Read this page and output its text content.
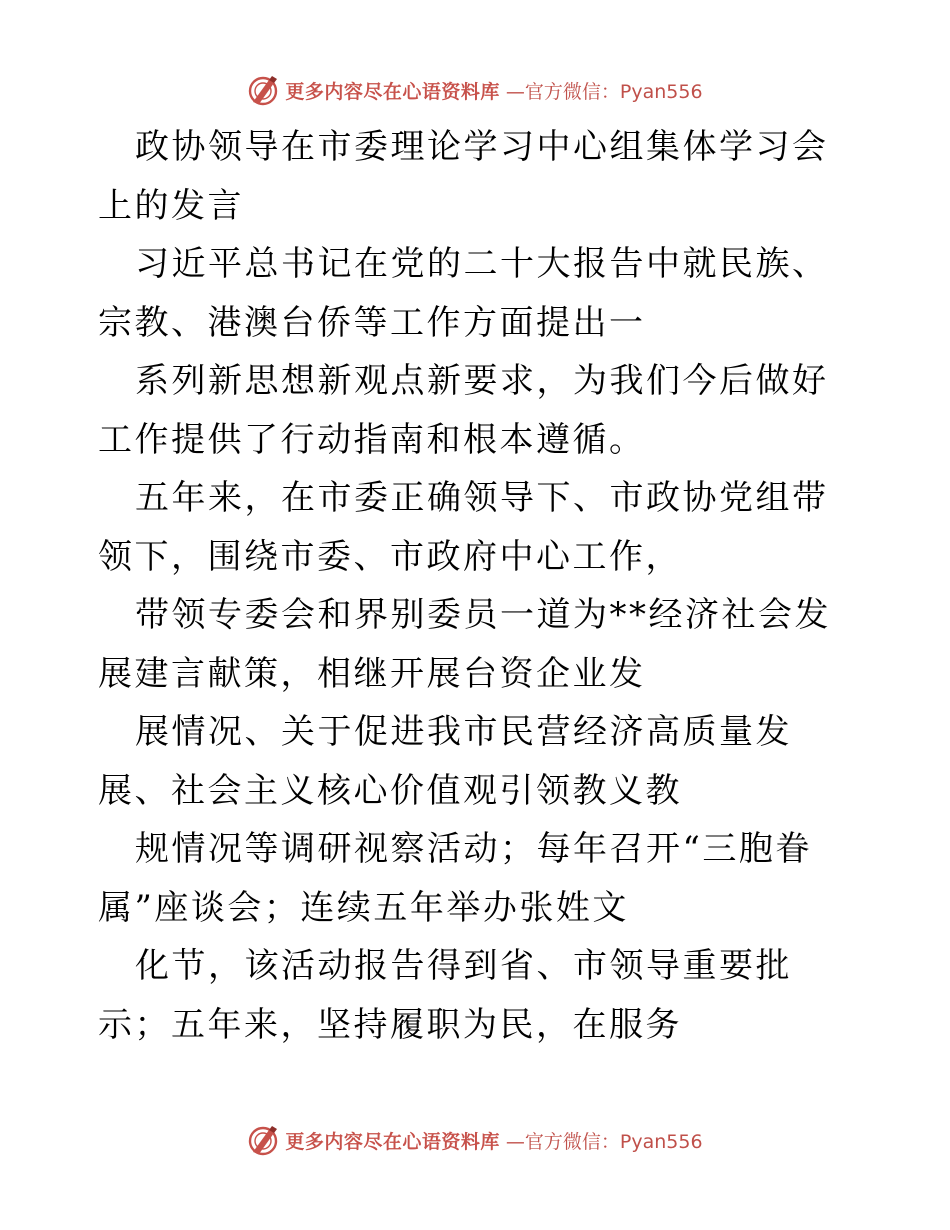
更多内容尽在心语资料库 —官方微信：Pyan556

政协领导在市委理论学习中心组集体学习会上的发言

习近平总书记在党的二十大报告中就民族、宗教、港澳台侨等工作方面提出一

系列新思想新观点新要求，为我们今后做好工作提供了行动指南和根本遵循。

五年来，在市委正确领导下、市政协党组带领下，围绕市委、市政府中心工作，

带领专委会和界别委员一道为**经济社会发展建言献策，相继开展台资企业发

展情况、关于促进我市民营经济高质量发展、社会主义核心价值观引领教义教

规情况等调研视察活动；每年召开“三胞眷属”座谈会；连续五年举办张姓文

化节，该活动报告得到省、市领导重要批示；五年来，坚持履职为民，在服务

更多内容尽在心语资料库 —官方微信：Pyan556
